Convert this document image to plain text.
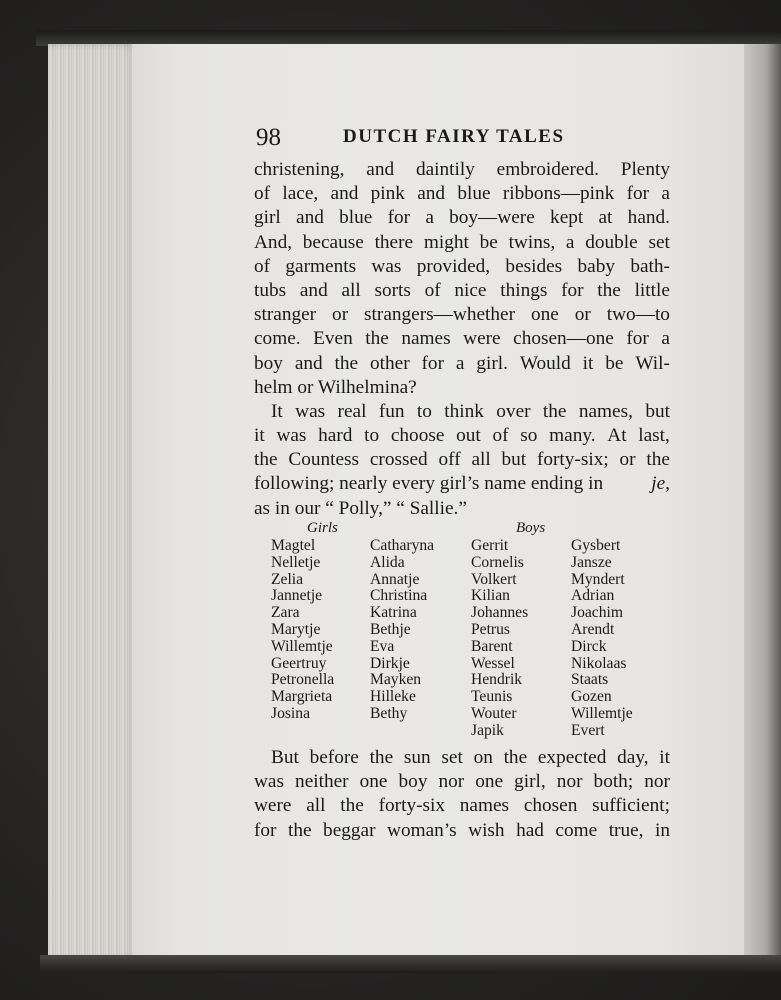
98	DUTCH FAIRY TALES
christening, and daintily embroidered. Plenty
of lace, and pink and blue ribbons—pink for a
girl and blue for a boy—were kept at hand.
And, because there might be twins, a double set
of garments was provided, besides baby bath-
tubs and all sorts of nice things for the little
stranger or strangers—whether one or two—to
come. Even the names were chosen—one for a
boy and the other for a girl. Would it be Wil-
helm or Wilhelmina?
It was real fun to think over the names, but
it was hard to choose out of so many. At last,
the Countess crossed off all but forty-six; or the
following; nearly every girl’s name ending in je,
as in our “ Polly,” “ Sallie.”
Girls	Boys
Magtel
Nelletje
Zelia
Jannetje
Zara
Marytje
Willemtje
Geertruy
Petronella
Margrieta
Josina
Catharyna
Alida
Annatje
Christina
Katrina
Bethje
Eva
Dirkje
Mayken
Hilleke
Bethy
Gerrit
Cornelis
Volkert
Kilian
Johannes
Petrus
Barent
Wessel
Hendrik
Teunis
Wouter
Japik
Gysbert
Jansze
Myndert
Adrian
Joachim
Arendt
Dirck
Nikolaas
Staats
Gozen
Willemtje
Evert
But before the sun set on the expected day, it
was neither one boy nor one girl, nor both; nor
were all the forty-six names chosen sufficient;
for the beggar woman’s wish had come true, in
